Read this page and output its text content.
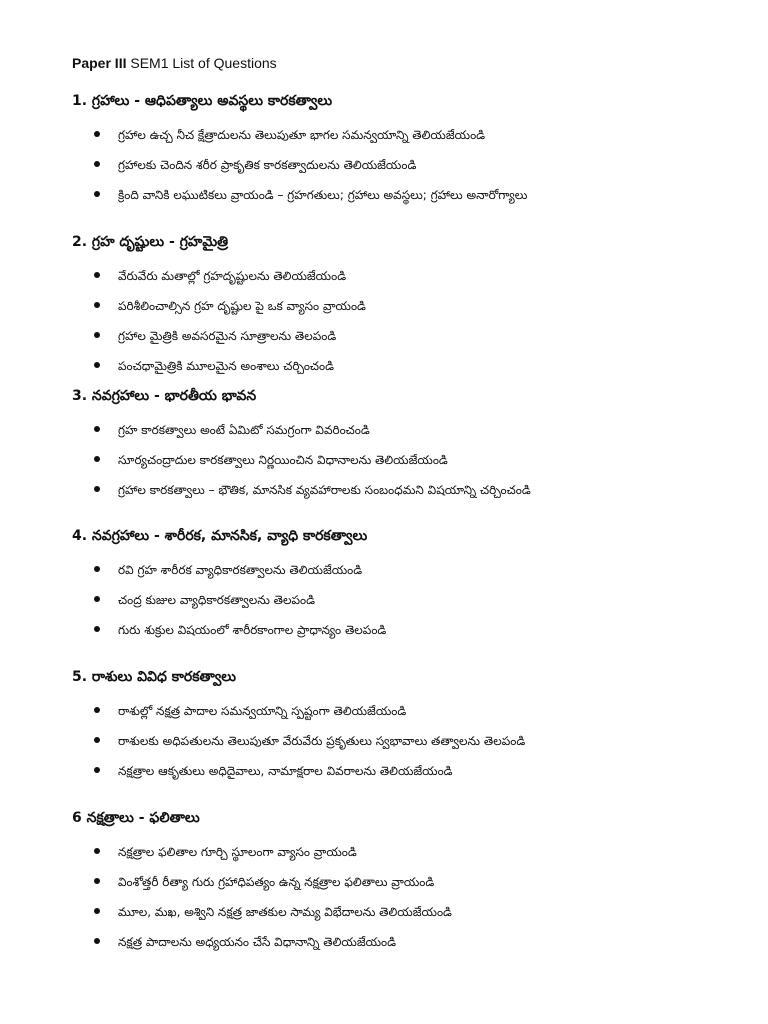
Paper III SEM1 List of Questions
1. గ్రహాలు - ఆధిపత్యాలు అవస్థలు కారకత్వాలు
గ్రహాల ఉచ్చ నీచ క్షేత్రాదులను తెలుపుతూ భాగల సమన్వయాన్ని తెలియజేయండి
గ్రహాలకు చెందిన శరీర ప్రాకృతిక కారకత్వాదులను తెలియజేయండి
క్రింది వానికి లఘుటికలు వ్రాయండి – గ్రహగతులు; గ్రహాలు అవస్థలు; గ్రహాలు అనారోగ్యాలు
2. గ్రహ దృష్టులు - గ్రహమైత్రి
వేరువేరు మతాల్లో గ్రహదృష్టులను తెలియజేయండి
పరిశీలించాల్సిన గ్రహ దృష్టుల పై ఒక వ్యాసం వ్రాయండి
గ్రహాల మైత్రికి అవసరమైన సూత్రాలను తెలపండి
పంచధామైత్రికి మూలమైన అంశాలు చర్చించండి
3. నవగ్రహాలు - భారతీయ భావన
గ్రహ కారకత్వాలు అంటే ఏమిటో సమగ్రంగా వివరించండి
సూర్యచంద్రాదుల కారకత్వాలు నిర్ణయించిన విధానాలను తెలియజేయండి
గ్రహాల కారకత్వాలు – భౌతిక, మానసిక వ్యవహారాలకు సంబంధమని విషయాన్ని చర్చించండి
4. నవగ్రహాలు - శారీరక, మానసిక, వ్యాధి కారకత్వాలు
రవి గ్రహ శారీరక వ్యాధికారకత్వాలను తెలియజేయండి
చంద్ర కుజుల వ్యాధికారకత్వాలను తెలపండి
గురు శుక్రుల విషయంలో శారీరకాంగాల ప్రాధాన్యం తెలపండి
5. రాశులు వివిధ కారకత్వాలు
రాశుల్లో నక్షత్ర పాదాల సమన్వయాన్ని స్పష్టంగా తెలియజేయండి
రాశులకు అధిపతులను తెలుపుతూ వేరువేరు ప్రకృతులు స్వభావాలు తత్వాలను తెలపండి
నక్షత్రాల ఆకృతులు అధిదైవాలు, నామాక్షరాల వివరాలను తెలియజేయండి
6 నక్షత్రాలు - ఫలితాలు
నక్షత్రాల ఫలితాల గూర్చి స్థూలంగా వ్యాసం వ్రాయండి
వింశోత్తరీ రీత్యా గురు గ్రహాధిపత్యం ఉన్న నక్షత్రాల ఫలితాలు వ్రాయండి
మూల, మఖ, అశ్విని నక్షత్ర జాతకుల సామ్య విభేదాలను తెలియజేయండి
నక్షత్ర పాదాలను అధ్యయనం చేసే విధానాన్ని తెలియజేయండి
